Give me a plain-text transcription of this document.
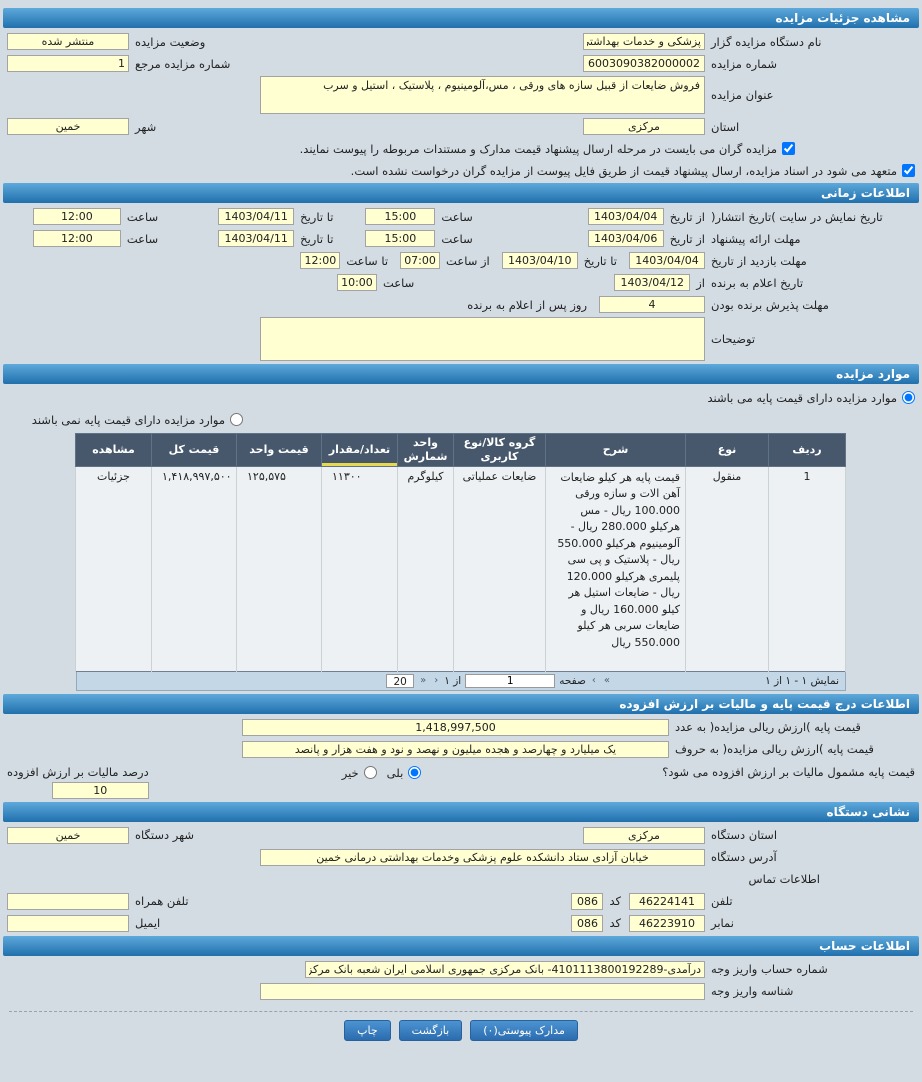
مشاهده جزئیات مزایده
نام دستگاه مزایده گزار
پزشکی و خدمات بهداشتی
وضعیت مزایده
منتشر شده
شماره مزایده
6003090382000002
شماره مزایده مرجع
1
عنوان مزایده
فروش ضایعات از قبیل سازه های ورقی ، مس،آلومینیوم ، پلاستیک ، استیل و سرب
استان
مرکزی
شهر
خمین
مزایده گران می بایست در مرحله ارسال پیشنهاد قیمت مدارک و مستندات مربوطه را پیوست نمایند.
متعهد می شود در اسناد مزایده، ارسال پیشنهاد قیمت از طریق فایل پیوست از مزایده گران درخواست نشده است.
اطلاعات زمانی
تاریخ نمایش در سایت )تاریخ انتشار(
از تاریخ
1403/04/04
ساعت
15:00
تا تاریخ
1403/04/11
ساعت
12:00
مهلت ارائه پیشنهاد
از تاریخ
1403/04/06
ساعت
15:00
تا تاریخ
1403/04/11
ساعت
12:00
مهلت بازدید از تاریخ
1403/04/04
تا تاریخ
1403/04/10
از ساعت
07:00
تا ساعت
12:00
تاریخ اعلام به برنده
از
1403/04/12
ساعت
10:00
مهلت پذیرش برنده بودن
4
روز پس از اعلام به برنده
توضیحات
موارد مزایده
موارد مزایده دارای قیمت پایه می باشند
موارد مزایده دارای قیمت پایه نمی باشند
ردیف	نوع	شرح	گروه کالا/نوع کاربری	واحد شمارش	تعداد/مقدار	قیمت واحد	قیمت کل	مشاهده
1	منقول	قیمت پایه هر کیلو ضایعات آهن الات و سازه ورقی 100.000 ریال - مس هرکیلو 280.000 ریال - آلومینیوم هرکیلو 550.000 ریال - پلاستیک و پی سی پلیمری هرکیلو 120.000 ریال - ضایعات استیل هر کیلو 160.000 ریال و ضایعات سربی هر کیلو 550.000 ریال	ضایعات عملیاتی	کیلوگرم	۱۱۳۰۰	۱۲۵,۵۷۵	۱,۴۱۸,۹۹۷,۵۰۰	جزئیات
نمایش ۱ - ۱ از ۱
»
›
صفحه
1
از ۱
‹
«
20
اطلاعات درج قیمت پایه و مالیات بر ارزش افزوده
قیمت پایه )ارزش ریالی مزایده( به عدد
1,418,997,500
قیمت پایه )ارزش ریالی مزایده( به حروف
یک میلیارد و چهارصد و هجده میلیون و نهصد و نود و هفت هزار و پانصد
قیمت پایه مشمول مالیات بر ارزش افزوده می شود؟
بلی
خیر
درصد مالیات بر ارزش افزوده
10
نشانی دستگاه
استان دستگاه
مرکزی
شهر دستگاه
خمین
آدرس دستگاه
خیابان آزادی ستاد دانشکده علوم پزشکی وخدمات بهداشتی درمانی خمین
اطلاعات تماس
تلفن
46224141
کد
086
تلفن همراه
نمابر
46223910
کد
086
ایمیل
اطلاعات حساب
شماره حساب واریز وجه
درآمدی-4101113800192289- بانک مرکزی جمهوری اسلامی ایران شعبه بانک مرکزی
شناسه واریز وجه
مدارک پیوستی(۰)
بازگشت
چاپ
